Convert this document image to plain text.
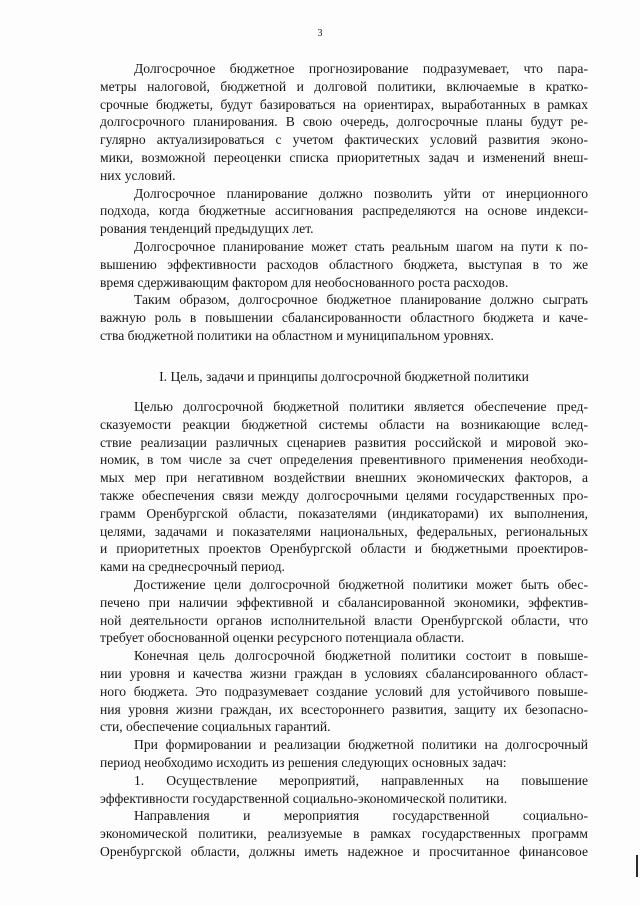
3
Долгосрочное бюджетное прогнозирование подразумевает, что пара-
метры налоговой, бюджетной и долговой политики, включаемые в кратко-
срочные бюджеты, будут базироваться на ориентирах, выработанных в рамках
долгосрочного планирования. В свою очередь, долгосрочные планы будут ре-
гулярно актуализироваться с учетом фактических условий развития эконо-
мики, возможной переоценки списка приоритетных задач и изменений внеш-
них условий.
Долгосрочное планирование должно позволить уйти от инерционного
подхода, когда бюджетные ассигнования распределяются на основе индекси-
рования тенденций предыдущих лет.
Долгосрочное планирование может стать реальным шагом на пути к по-
вышению эффективности расходов областного бюджета, выступая в то же
время сдерживающим фактором для необоснованного роста расходов.
Таким образом, долгосрочное бюджетное планирование должно сыграть
важную роль в повышении сбалансированности областного бюджета и каче-
ства бюджетной политики на областном и муниципальном уровнях.
I. Цель, задачи и принципы долгосрочной бюджетной политики
Целью долгосрочной бюджетной политики является обеспечение пред-
сказуемости реакции бюджетной системы области на возникающие вслед-
ствие реализации различных сценариев развития российской и мировой эко-
номик, в том числе за счет определения превентивного применения необходи-
мых мер при негативном воздействии внешних экономических факторов, а
также обеспечения связи между долгосрочными целями государственных про-
грамм Оренбургской области, показателями (индикаторами) их выполнения,
целями, задачами и показателями национальных, федеральных, региональных
и приоритетных проектов Оренбургской области и бюджетными проектиров-
ками на среднесрочный период.
Достижение цели долгосрочной бюджетной политики может быть обес-
печено при наличии эффективной и сбалансированной экономики, эффектив-
ной деятельности органов исполнительной власти Оренбургской области, что
требует обоснованной оценки ресурсного потенциала области.
Конечная цель долгосрочной бюджетной политики состоит в повыше-
нии уровня и качества жизни граждан в условиях сбалансированного област-
ного бюджета. Это подразумевает создание условий для устойчивого повыше-
ния уровня жизни граждан, их всестороннего развития, защиту их безопасно-
сти, обеспечение социальных гарантий.
При формировании и реализации бюджетной политики на долгосрочный
период необходимо исходить из решения следующих основных задач:
1. Осуществление мероприятий, направленных на повышение
эффективности государственной социально-экономической политики.
Направления и мероприятия государственной социально-
экономической политики, реализуемые в рамках государственных программ
Оренбургской области, должны иметь надежное и просчитанное финансовое
